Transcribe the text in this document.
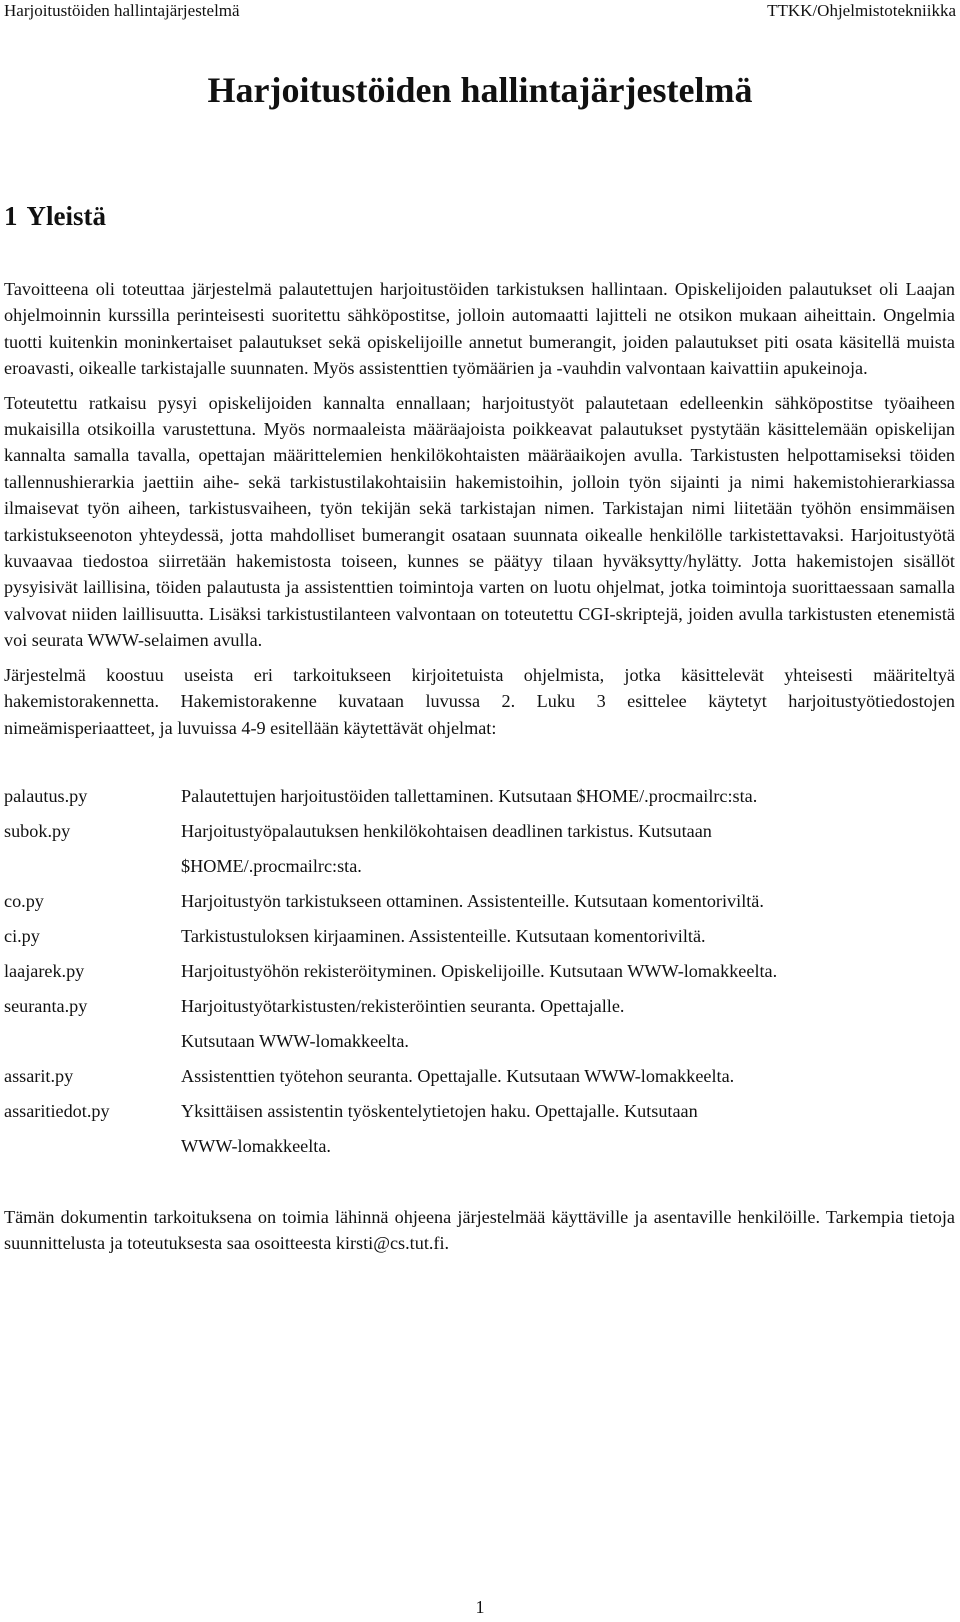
Harjoitustöiden hallintajärjestelmä	TTKK/Ohjelmistotekniikka
Harjoitustöiden hallintajärjestelmä
1 Yleistä

Tavoitteena oli toteuttaa järjestelmä palautettujen harjoitustöiden tarkistuksen hallintaan. Opiskelijoiden palautukset oli Laajan ohjelmoinnin kurssilla perinteisesti suoritettu sähköpostitse, jolloin automaatti lajitteli ne otsikon mukaan aiheittain. Ongelmia tuotti kuitenkin moninkertaiset palautukset sekä opiskelijoille annetut bumerangit, joiden palautukset piti osata käsitellä muista eroavasti, oikealle tarkistajalle suunnaten. Myös assistenttien työmäärien ja -vauhdin valvontaan kaivattiin apukeinoja.

Toteutettu ratkaisu pysyi opiskelijoiden kannalta ennallaan; harjoitustyöt palautetaan edelleenkin sähköpostitse työaiheen mukaisilla otsikoilla varustettuna. Myös normaaleista määräajoista poikkeavat palautukset pystytään käsittelemään opiskelijan kannalta samalla tavalla, opettajan määrittelemien henkilökohtaisten määräaikojen avulla. Tarkistusten helpottamiseksi töiden tallennushierarkia jaettiin aihe- sekä tarkistustilakohtaisiin hakemistoihin, jolloin työn sijainti ja nimi hakemistohierarkiassa ilmaisevat työn aiheen, tarkistusvaiheen, työn tekijän sekä tarkistajan nimen. Tarkistajan nimi liitetään työhön ensimmäisen tarkistukseenoton yhteydessä, jotta mahdolliset bumerangit osataan suunnata oikealle henkilölle tarkistettavaksi. Harjoitustyötä kuvaavaa tiedostoa siirretään hakemistosta toiseen, kunnes se päätyy tilaan hyväksytty/hylätty. Jotta hakemistojen sisällöt pysyisivät laillisina, töiden palautusta ja assistenttien toimintoja varten on luotu ohjelmat, jotka toimintoja suorittaessaan samalla valvovat niiden laillisuutta. Lisäksi tarkistustilanteen valvontaan on toteutettu CGI-skriptejä, joiden avulla tarkistusten etenemistä voi seurata WWW-selaimen avulla.

Järjestelmä koostuu useista eri tarkoitukseen kirjoitetuista ohjelmista, jotka käsittelevät yhteisesti määriteltyä hakemistorakennetta. Hakemistorakenne kuvataan luvussa 2. Luku 3 esittelee käytetyt harjoitustyötiedostojen nimeämisperiaatteet, ja luvuissa 4-9 esitellään käytettävät ohjelmat:

palautus.py	Palautettujen harjoitustöiden tallettaminen. Kutsutaan $HOME/.procmailrc:sta.
subok.py	Harjoitustyöpalautuksen henkilökohtaisen deadlinen tarkistus. Kutsutaan
$HOME/.procmailrc:sta.
co.py	Harjoitustyön tarkistukseen ottaminen. Assistenteille. Kutsutaan komentoriviltä.
ci.py	Tarkistustuloksen kirjaaminen. Assistenteille. Kutsutaan komentoriviltä.
laajarek.py	Harjoitustyöhön rekisteröityminen. Opiskelijoille. Kutsutaan WWW-lomakkeelta.
seuranta.py	Harjoitustyötarkistusten/rekisteröintien seuranta. Opettajalle.
Kutsutaan WWW-lomakkeelta.
assarit.py	Assistenttien työtehon seuranta. Opettajalle. Kutsutaan WWW-lomakkeelta.
assaritiedot.py	Yksittäisen assistentin työskentelytietojen haku. Opettajalle. Kutsutaan
WWW-lomakkeelta.

Tämän dokumentin tarkoituksena on toimia lähinnä ohjeena järjestelmää käyttäville ja asentaville henkilöille. Tarkempia tietoja suunnittelusta ja toteutuksesta saa osoitteesta kirsti@cs.tut.fi.

1
